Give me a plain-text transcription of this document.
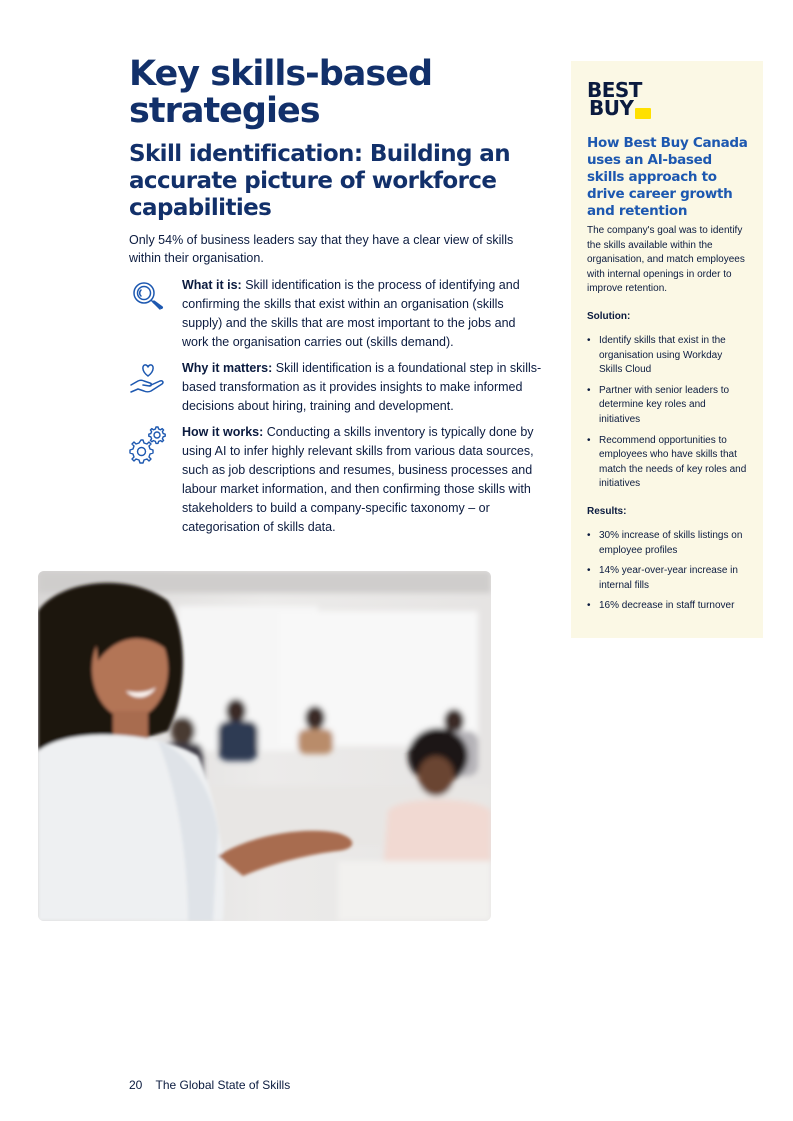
Key skills-based
strategies
Skill identification: Building an accurate picture of workforce capabilities

Only 54% of business leaders say that they have a clear view of skills within their organisation.

What it is: Skill identification is the process of identifying and confirming the skills that exist within an organisation (skills supply) and the skills that are most important to the jobs and work the organisation carries out (skills demand).

Why it matters: Skill identification is a foundational step in skills-based transformation as it provides insights to make informed decisions about hiring, training and development.

How it works: Conducting a skills inventory is typically done by using AI to infer highly relevant skills from various data sources, such as job descriptions and resumes, business processes and labour market information, and then confirming those skills with stakeholders to build a company-specific taxonomy – or categorisation of skills data.

BEST
BUY
How Best Buy Canada uses an AI-based skills approach to drive career growth and retention

The company's goal was to identify the skills available within the organisation, and match employees with internal openings in order to improve retention.

Solution:

• Identify skills that exist in the organisation using Workday Skills Cloud
• Partner with senior leaders to determine key roles and initiatives
• Recommend opportunities to employees who have skills that match the needs of key roles and initiatives

Results:

• 30% increase of skills listings on employee profiles
• 14% year-over-year increase in internal fills
• 16% decrease in staff turnover
20 The Global State of Skills
